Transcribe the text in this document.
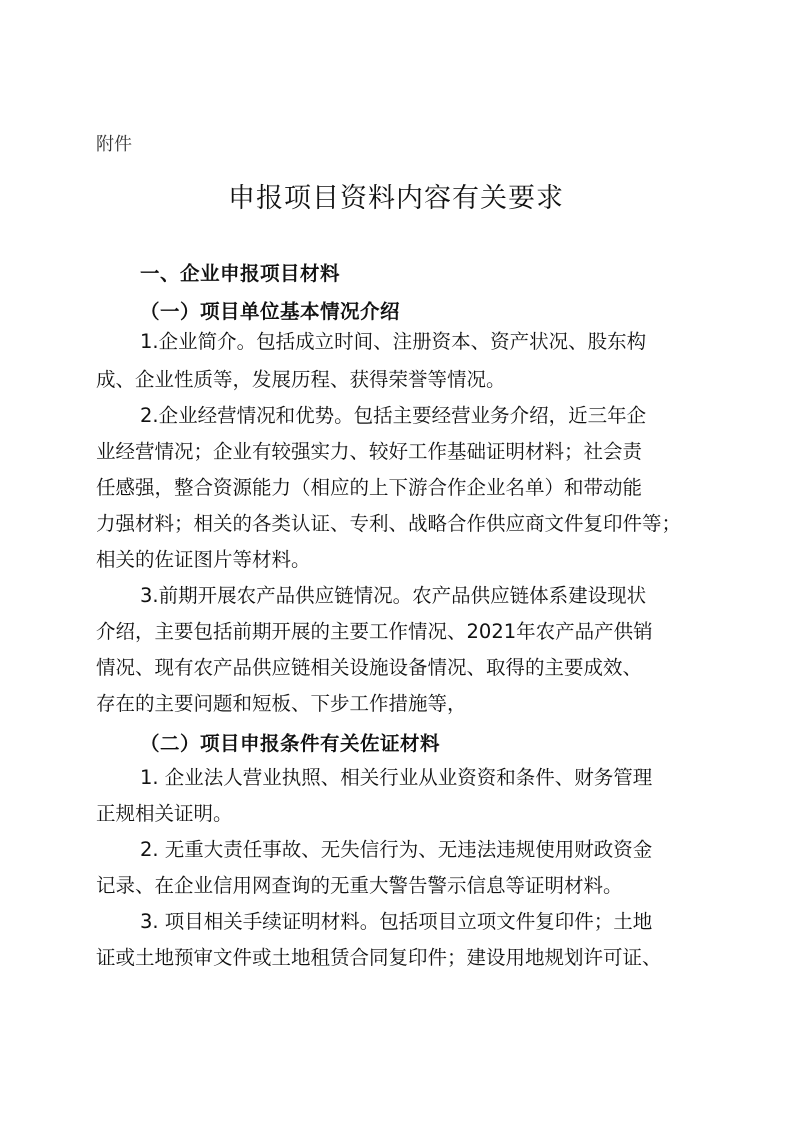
附件
申报项目资料内容有关要求
一、企业申报项目材料
（一）项目单位基本情况介绍
1.企业简介。包括成立时间、注册资本、资产状况、股东构
成、企业性质等，发展历程、获得荣誉等情况。
2.企业经营情况和优势。包括主要经营业务介绍，近三年企
业经营情况；企业有较强实力、较好工作基础证明材料；社会责
任感强，整合资源能力（相应的上下游合作企业名单）和带动能
力强材料；相关的各类认证、专利、战略合作供应商文件复印件等；
相关的佐证图片等材料。
3.前期开展农产品供应链情况。农产品供应链体系建设现状
介绍，主要包括前期开展的主要工作情况、2021年农产品产供销
情况、现有农产品供应链相关设施设备情况、取得的主要成效、
存在的主要问题和短板、下步工作措施等，
（二）项目申报条件有关佐证材料
1. 企业法人营业执照、相关行业从业资资和条件、财务管理
正规相关证明。
2. 无重大责任事故、无失信行为、无违法违规使用财政资金
记录、在企业信用网查询的无重大警告警示信息等证明材料。
3. 项目相关手续证明材料。包括项目立项文件复印件；土地
证或土地预审文件或土地租赁合同复印件；建设用地规划许可证、
